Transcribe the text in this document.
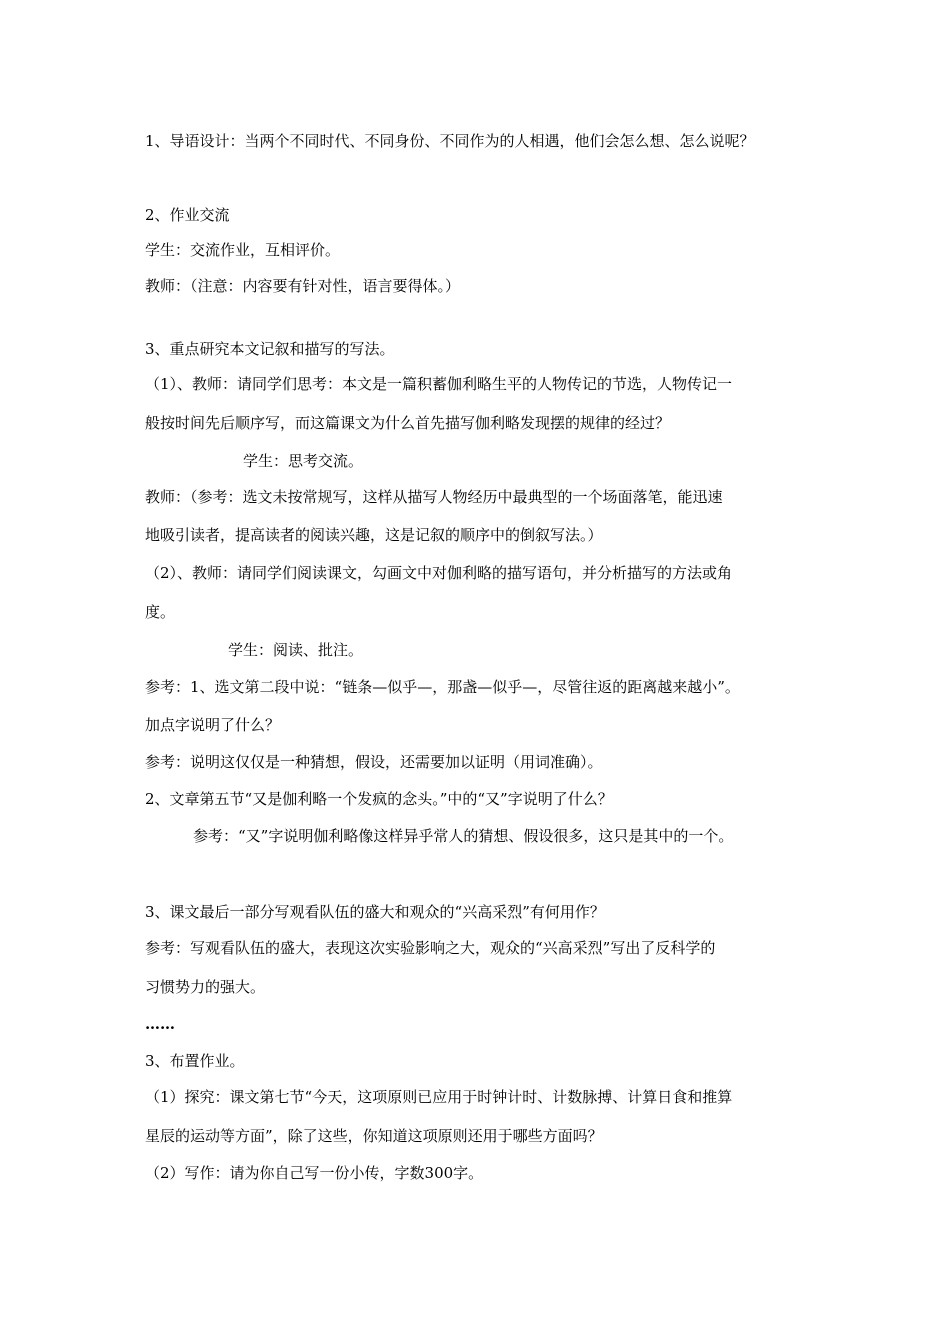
1、导语设计：当两个不同时代、不同身份、不同作为的人相遇，他们会怎么想、怎么说呢？
2、作业交流
学生：交流作业，互相评价。
教师：（注意：内容要有针对性，语言要得体。）
3、重点研究本文记叙和描写的写法。
（1）、教师：请同学们思考：本文是一篇积蓄伽利略生平的人物传记的节选，人物传记一
般按时间先后顺序写，而这篇课文为什么首先描写伽利略发现摆的规律的经过？
学生：思考交流。
教师：（参考：选文未按常规写，这样从描写人物经历中最典型的一个场面落笔，能迅速
地吸引读者，提高读者的阅读兴趣，这是记叙的顺序中的倒叙写法。）
（2）、教师：请同学们阅读课文，勾画文中对伽利略的描写语句，并分析描写的方法或角
度。
学生：阅读、批注。
参考：1、选文第二段中说：“链条—似乎—，那盏—似乎—，尽管往返的距离越来越小”。
加点字说明了什么？
参考：说明这仅仅是一种猜想，假设，还需要加以证明（用词准确）。
2、文章第五节“又是伽利略一个发疯的念头。”中的“又”字说明了什么？
参考：“又”字说明伽利略像这样异乎常人的猜想、假设很多，这只是其中的一个。
3、课文最后一部分写观看队伍的盛大和观众的“兴高采烈”有何用作？
参考：写观看队伍的盛大，表现这次实验影响之大，观众的“兴高采烈”写出了反科学的
习惯势力的强大。
……
3、布置作业。
（1）探究：课文第七节“今天，这项原则已应用于时钟计时、计数脉搏、计算日食和推算
星辰的运动等方面”，除了这些，你知道这项原则还用于哪些方面吗？
（2）写作：请为你自己写一份小传，字数300字。
